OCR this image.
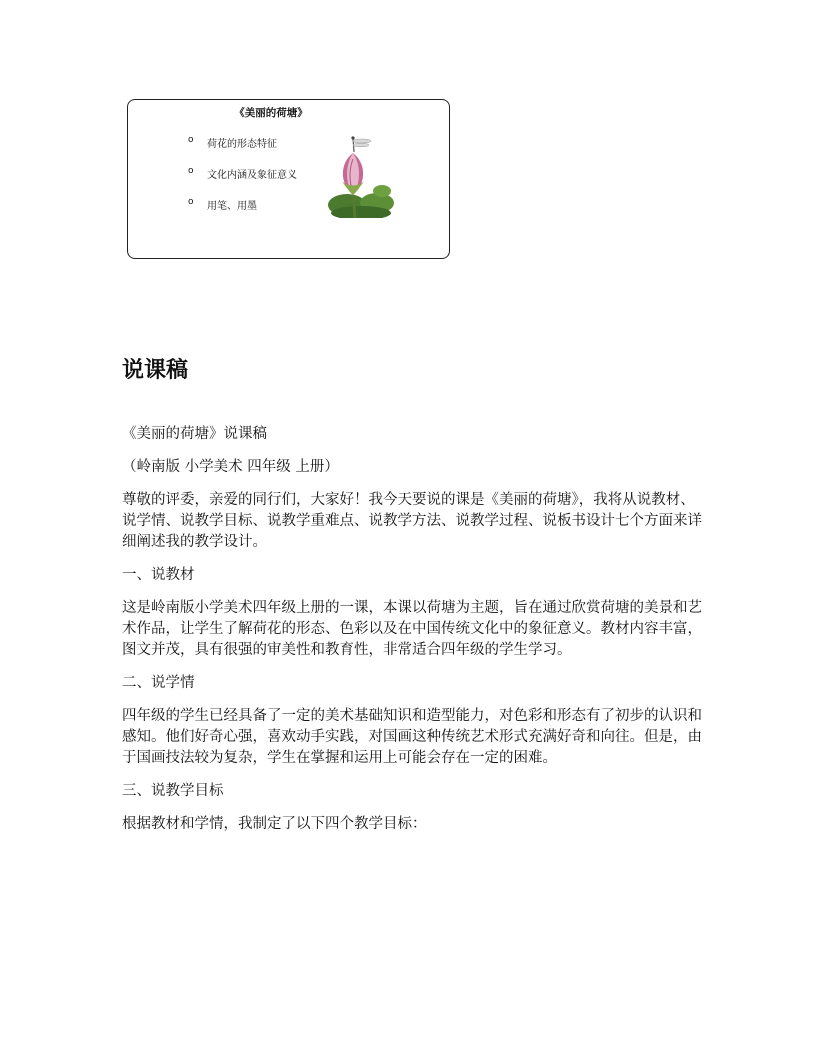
《美丽的荷塘》
o	荷花的形态特征
o	文化内涵及象征意义
o	用笔、用墨
说课稿

《美丽的荷塘》说课稿

（岭南版 小学美术 四年级 上册）

尊敬的评委，亲爱的同行们，大家好！我今天要说的课是《美丽的荷塘》，我将从说教材、说学情、说教学目标、说教学重难点、说教学方法、说教学过程、说板书设计七个方面来详细阐述我的教学设计。

一、说教材

这是岭南版小学美术四年级上册的一课，本课以荷塘为主题，旨在通过欣赏荷塘的美景和艺术作品，让学生了解荷花的形态、色彩以及在中国传统文化中的象征意义。教材内容丰富，图文并茂，具有很强的审美性和教育性，非常适合四年级的学生学习。

二、说学情

四年级的学生已经具备了一定的美术基础知识和造型能力，对色彩和形态有了初步的认识和感知。他们好奇心强，喜欢动手实践，对国画这种传统艺术形式充满好奇和向往。但是，由于国画技法较为复杂，学生在掌握和运用上可能会存在一定的困难。

三、说教学目标

根据教材和学情，我制定了以下四个教学目标：
